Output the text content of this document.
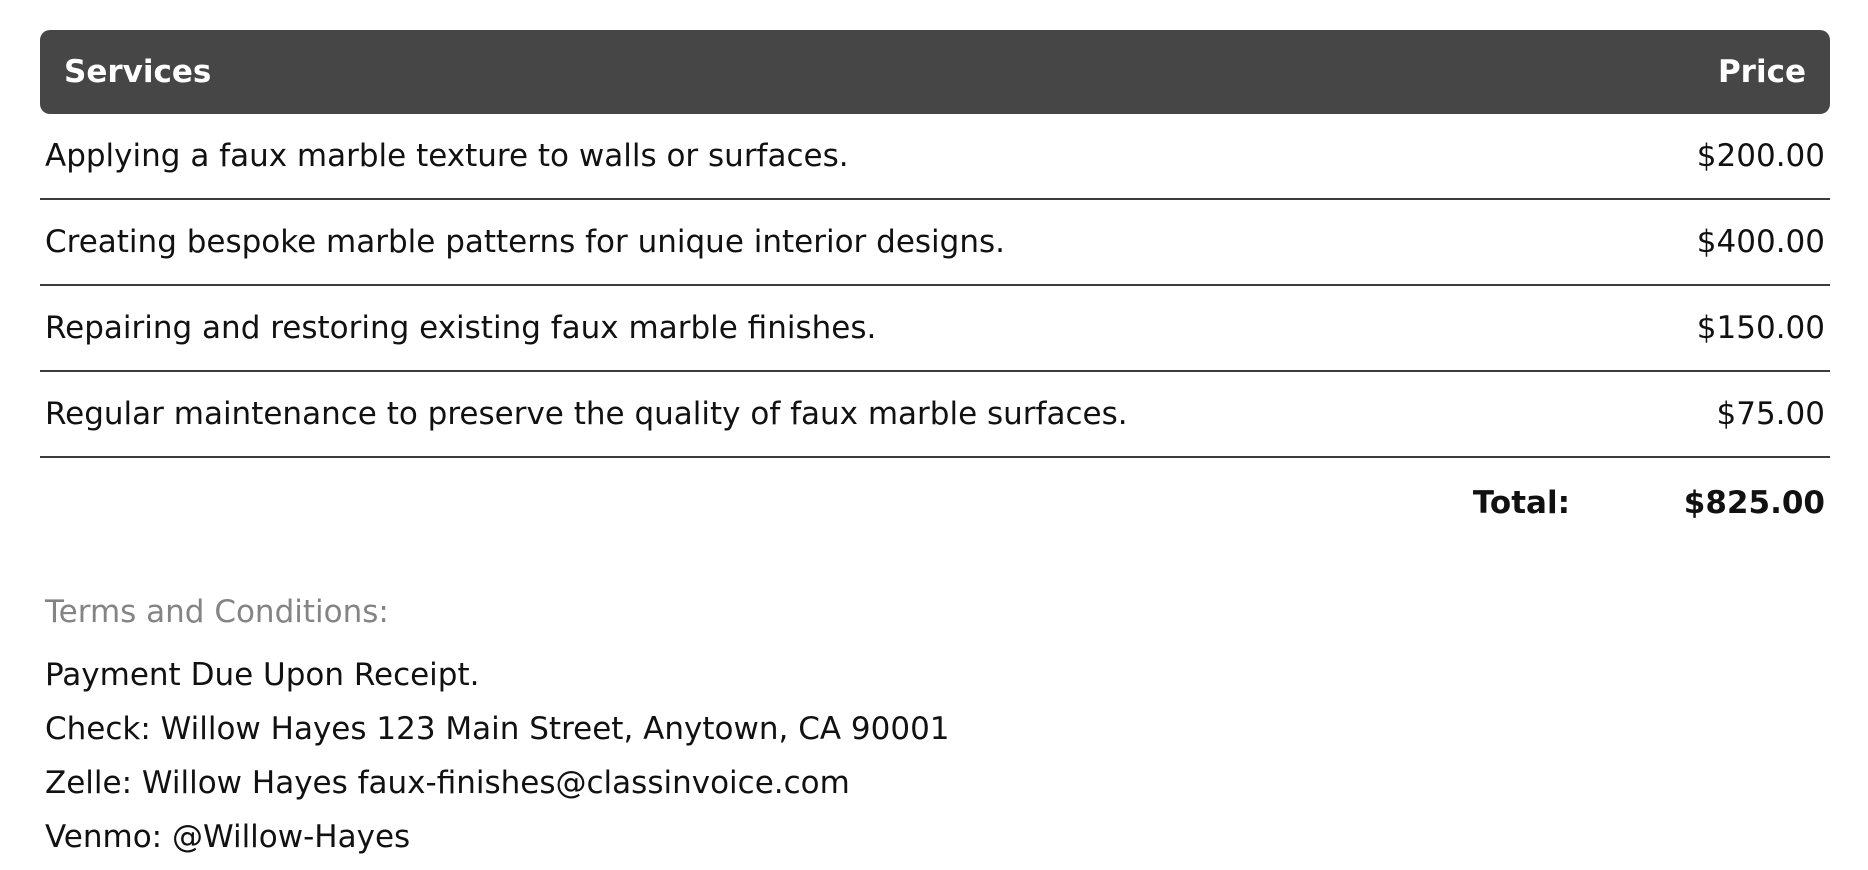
Services	Price
Applying a faux marble texture to walls or surfaces.	$200.00
Creating bespoke marble patterns for unique interior designs.	$400.00
Repairing and restoring existing faux marble finishes.	$150.00
Regular maintenance to preserve the quality of faux marble surfaces.	$75.00
Total:	$825.00
Terms and Conditions:
Payment Due Upon Receipt.
Check: Willow Hayes 123 Main Street, Anytown, CA 90001
Zelle: Willow Hayes faux-finishes@classinvoice.com
Venmo: @Willow-Hayes
